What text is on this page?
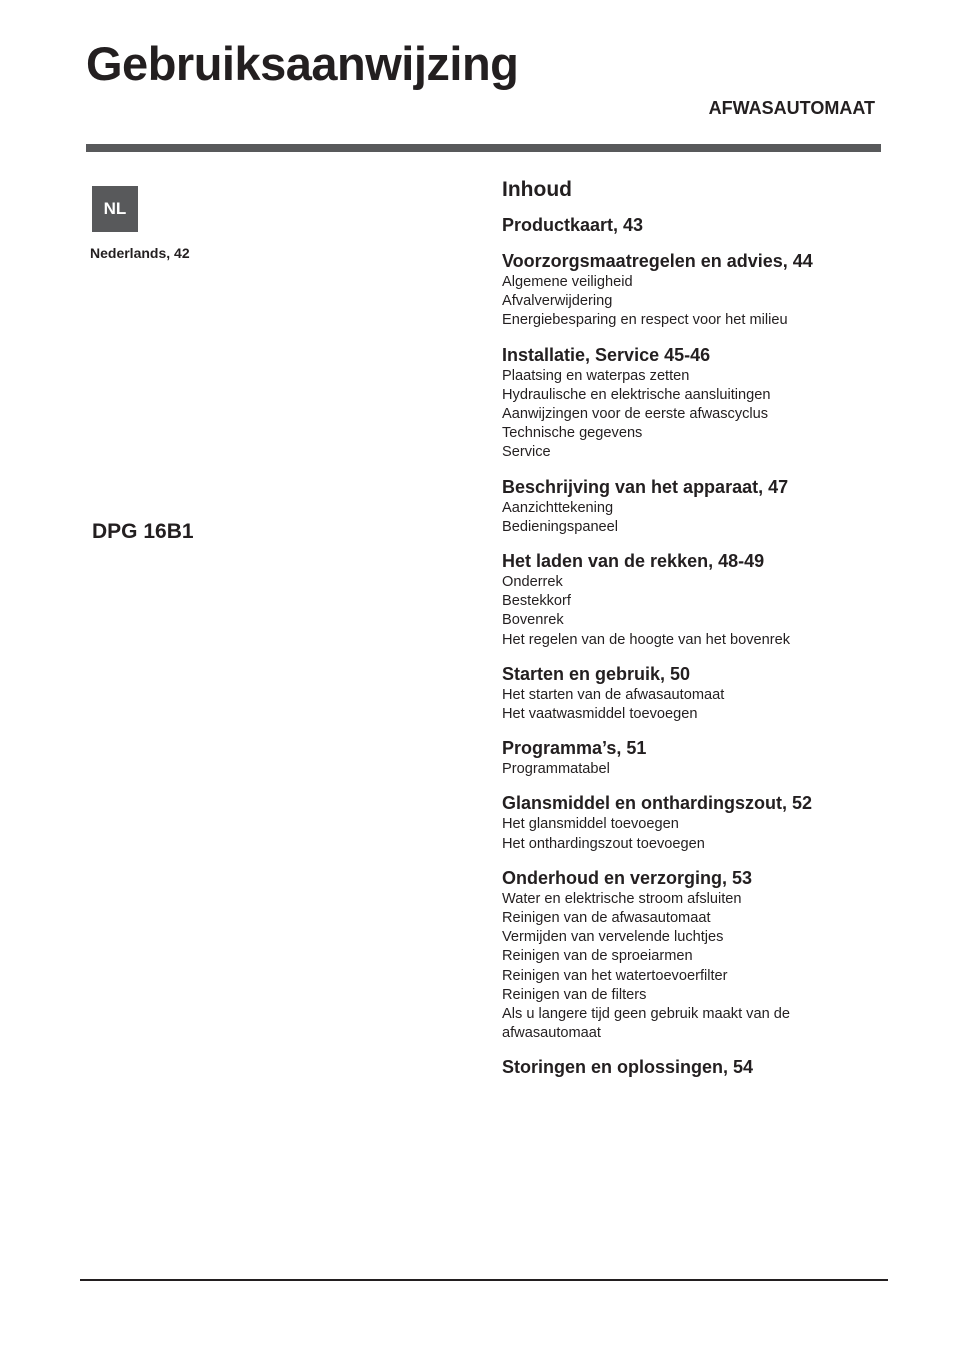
Gebruiksaanwijzing
AFWASAUTOMAAT
NL
Nederlands, 42
DPG 16B1
Inhoud
Productkaart, 43
Voorzorgsmaatregelen en advies, 44
Algemene veiligheid
Afvalverwijdering
Energiebesparing en respect voor het milieu
Installatie, Service 45-46
Plaatsing en waterpas zetten
Hydraulische en elektrische aansluitingen
Aanwijzingen voor de eerste afwascyclus
Technische gegevens
Service
Beschrijving van het apparaat, 47
Aanzichttekening
Bedieningspaneel
Het laden van de rekken, 48-49
Onderrek
Bestekkorf
Bovenrek
Het regelen van de hoogte van het bovenrek
Starten en gebruik, 50
Het starten van de afwasautomaat
Het vaatwasmiddel toevoegen
Programma’s, 51
Programmatabel
Glansmiddel en onthardingszout, 52
Het glansmiddel toevoegen
Het onthardingszout toevoegen
Onderhoud en verzorging, 53
Water en elektrische stroom afsluiten
Reinigen van de afwasautomaat
Vermijden van vervelende luchtjes
Reinigen van de sproeiarmen
Reinigen van het watertoevoerfilter
Reinigen van de filters
Als u langere tijd geen gebruik maakt van de
afwasautomaat
Storingen en oplossingen, 54
